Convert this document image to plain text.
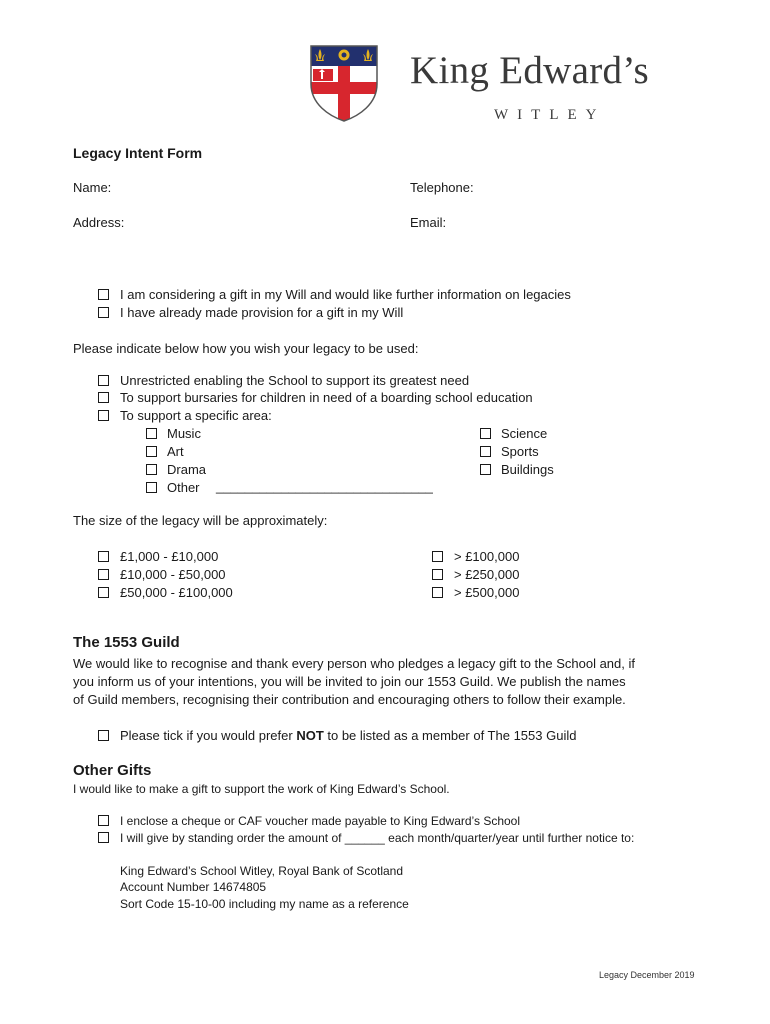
King Edward’s
WITLEY
Legacy Intent Form
Name:	Telephone:
Address:	Email:
I am considering a gift in my Will and would like further information on legacies
I have already made provision for a gift in my Will
Please indicate below how you wish your legacy to be used:
Unrestricted enabling the School to support its greatest need
To support bursaries for children in need of a boarding school education
To support a specific area:
Music
Art
Drama
Other ______________________________
Science
Sports
Buildings
The size of the legacy will be approximately:
£1,000 - £10,000
£10,000 - £50,000
£50,000 - £100,000
> £100,000
> £250,000
> £500,000
The 1553 Guild
We would like to recognise and thank every person who pledges a legacy gift to the School and, if
you inform us of your intentions, you will be invited to join our 1553 Guild. We publish the names
of Guild members, recognising their contribution and encouraging others to follow their example.
Please tick if you would prefer NOT to be listed as a member of The 1553 Guild
Other Gifts
I would like to make a gift to support the work of King Edward’s School.
I enclose a cheque or CAF voucher made payable to King Edward’s School
I will give by standing order the amount of ______ each month/quarter/year until further notice to:
King Edward’s School Witley, Royal Bank of Scotland
Account Number 14674805
Sort Code 15-10-00 including my name as a reference
Legacy December 2019
